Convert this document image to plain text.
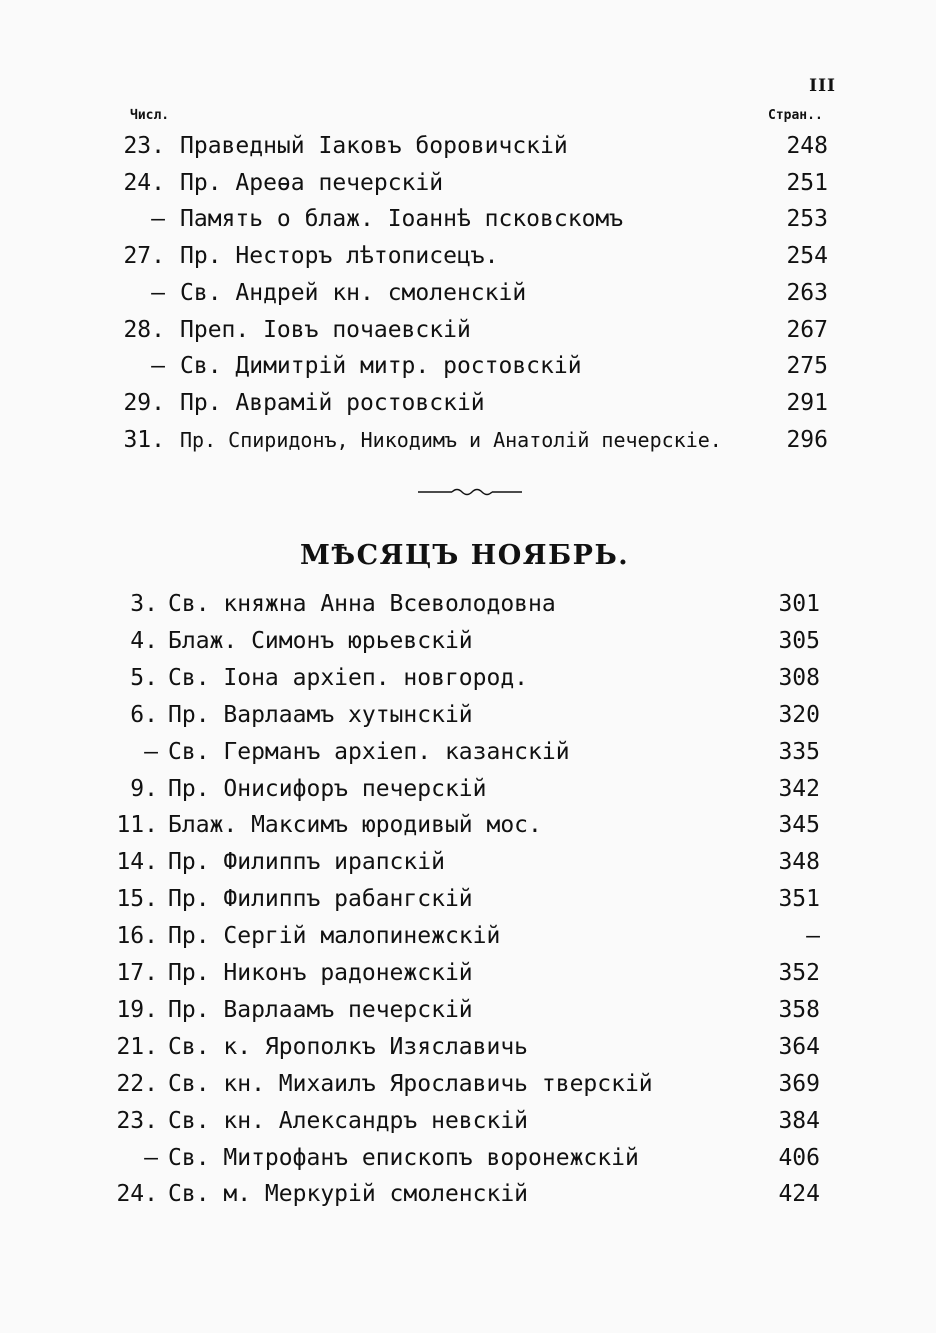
III
Числ.	Стран..
23. Праведный Іаковъ боровичскій	248
24. Пр. Ареѳа печерскій	251
— Память о блаж. Іоаннѣ псковскомъ	253
27. Пр. Несторъ лѣтописецъ.	254
— Св. Андрей кн. смоленскій	263
28. Преп. Іовъ почаевскій	267
— Св. Димитрій митр. ростовскій	275
29. Пр. Аврамій ростовскій	291
31. Пр. Спиридонъ, Никодимъ и Анатолій печерскіе.	296
МѢСЯЦЪ НОЯБРЬ.
3. Св. княжна Анна Всеволодовна	301
4. Блаж. Симонъ юрьевскій	305
5. Св. Іона архіеп. новгород.	308
6. Пр. Варлаамъ хутынскій	320
— Св. Германъ архіеп. казанскій	335
9. Пр. Онисифоръ печерскій	342
11. Блаж. Максимъ юродивый мос.	345
14. Пр. Филиппъ ирапскій	348
15. Пр. Филиппъ рабангскій	351
16. Пр. Сергій малопинежскій	—
17. Пр. Никонъ радонежскій	352
19. Пр. Варлаамъ печерскій	358
21. Св. к. Ярополкъ Изяславичь	364
22. Св. кн. Михаилъ Ярославичь тверскій	369
23. Св. кн. Александръ невскій	384
— Св. Митрофанъ епископъ воронежскій	406
24. Св. м. Меркурій смоленскій	424
